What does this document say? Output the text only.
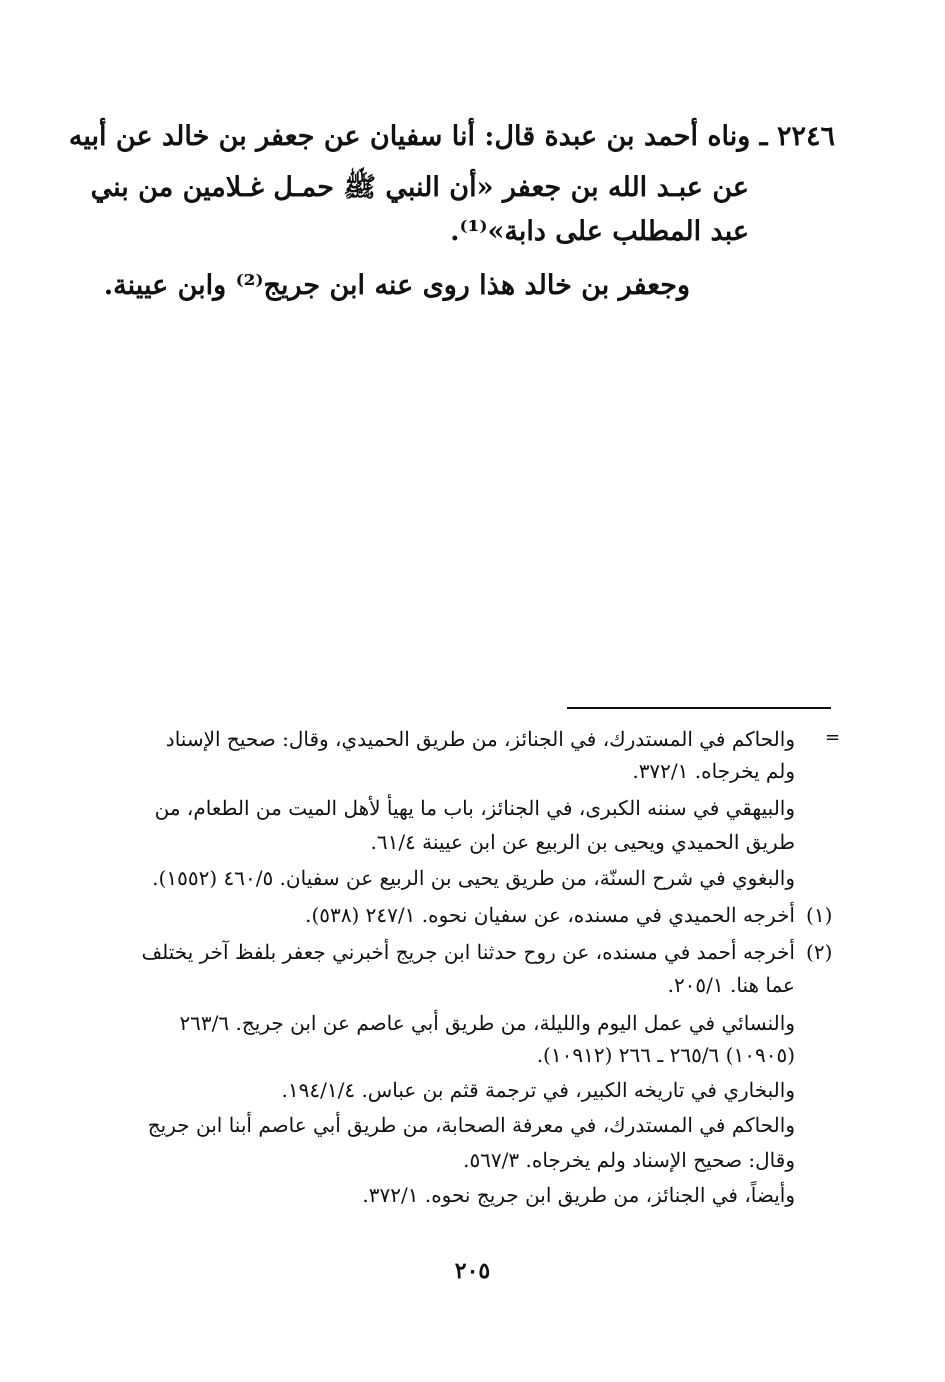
٢٢٤٦ ـ وناه أحمد بن عبدة قال: أنا سفيان عن جعفر بن خالد عن أبيه
عن عبـد الله بن جعفر «أن النبي ﷺ حمـل غـلامين من بني
عبد المطلب على دابة»⁽¹⁾.
وجعفر بن خالد هذا روى عنه ابن جريج⁽²⁾ وابن عيينة.
=
والحاكم في المستدرك، في الجنائز، من طريق الحميدي، وقال: صحيح الإسناد
ولم يخرجاه. ٣٧٢/١.
والبيهقي في سننه الكبرى، في الجنائز، باب ما يهيأ لأهل الميت من الطعام، من
طريق الحميدي ويحيى بن الربيع عن ابن عيينة ٦١/٤.
والبغوي في شرح السنّة، من طريق يحيى بن الربيع عن سفيان. ٤٦٠/٥ (١٥٥٢).
(١)
أخرجه الحميدي في مسنده، عن سفيان نحوه. ٢٤٧/١ (٥٣٨).
(٢)
أخرجه أحمد في مسنده، عن روح حدثنا ابن جريج أخبرني جعفر بلفظ آخر يختلف
عما هنا. ٢٠٥/١.
والنسائي في عمل اليوم والليلة، من طريق أبي عاصم عن ابن جريج. ٢٦٣/٦
(١٠٩٠٥) ٢٦٥/٦ ـ ٢٦٦ (١٠٩١٢).
والبخاري في تاريخه الكبير، في ترجمة قثم بن عباس. ١٩٤/١/٤.
والحاكم في المستدرك، في معرفة الصحابة، من طريق أبي عاصم أبنا ابن جريج
وقال: صحيح الإسناد ولم يخرجاه. ٥٦٧/٣.
وأيضاً، في الجنائز، من طريق ابن جريج نحوه. ٣٧٢/١.
٢٠٥
